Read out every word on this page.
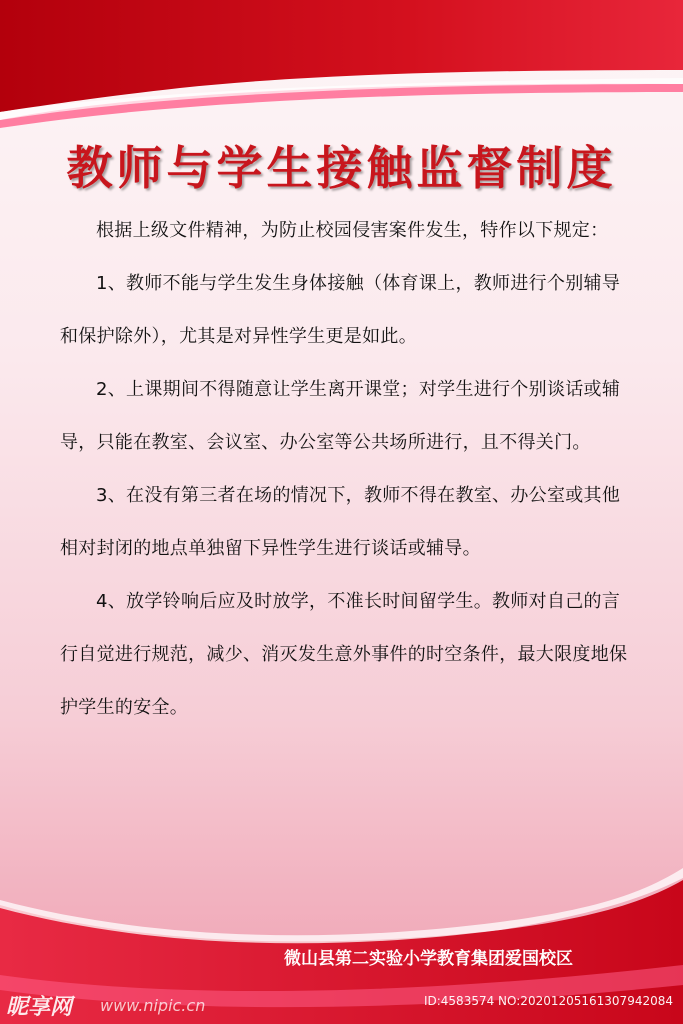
教师与学生接触监督制度

根据上级文件精神，为防止校园侵害案件发生，特作以下规定：

1、教师不能与学生发生身体接触（体育课上，教师进行个别辅导和保护除外），尤其是对异性学生更是如此。

2、上课期间不得随意让学生离开课堂；对学生进行个别谈话或辅导，只能在教室、会议室、办公室等公共场所进行，且不得关门。

3、在没有第三者在场的情况下，教师不得在教室、办公室或其他相对封闭的地点单独留下异性学生进行谈话或辅导。

4、放学铃响后应及时放学，不准长时间留学生。教师对自己的言行自觉进行规范，减少、消灭发生意外事件的时空条件，最大限度地保护学生的安全。

微山县第二实验小学教育集团爱国校区
昵享网 www.nipic.cn	ID:4583574 NO:20201205161307942084
